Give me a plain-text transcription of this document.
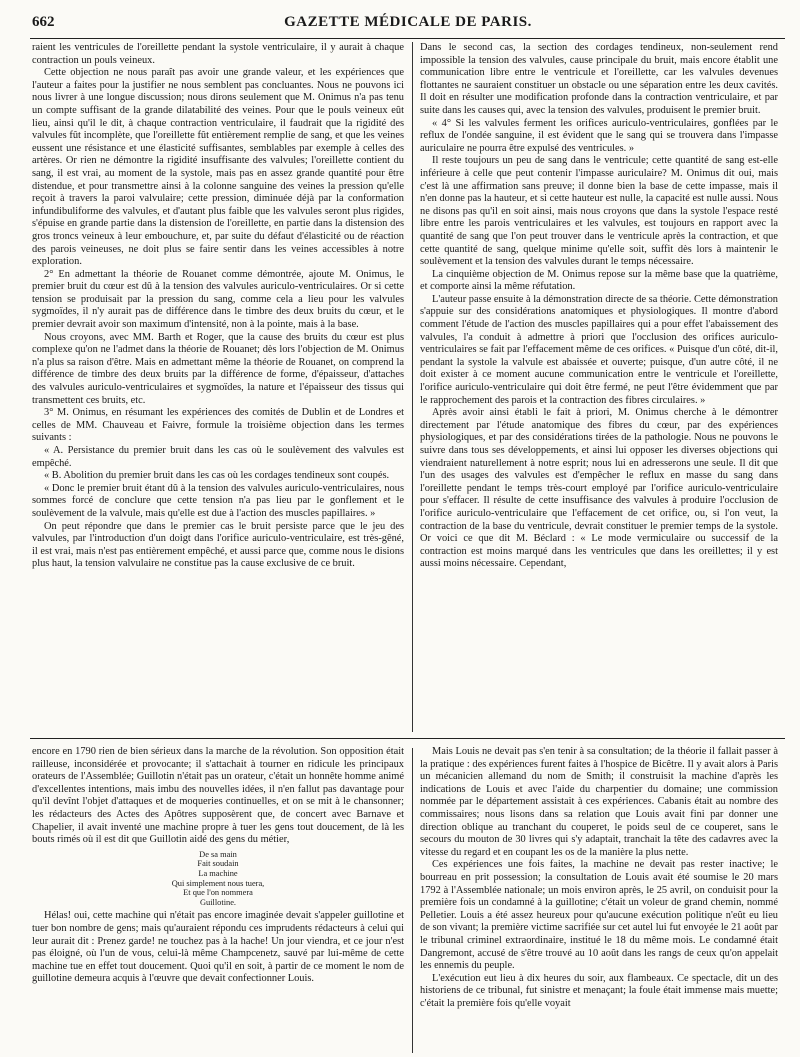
662	GAZETTE MÉDICALE DE PARIS.

raient les ventricules de l'oreillette pendant la systole ventriculaire, il y aurait à chaque contraction un pouls veineux.

Cette objection ne nous paraît pas avoir une grande valeur, et les expériences que l'auteur a faites pour la justifier ne nous semblent pas concluantes. Nous ne pouvons ici nous livrer à une longue discussion; nous dirons seulement que M. Onimus n'a pas tenu un compte suffisant de la grande dilatabilité des veines. Pour que le pouls veineux eût lieu, ainsi qu'il le dit, à chaque contraction ventriculaire, il faudrait que la rigidité des valvules fût incomplète, que l'oreillette fût entièrement remplie de sang, et que les veines eussent une résistance et une élasticité suffisantes, semblables par exemple à celles des artères. Or rien ne démontre la rigidité insuffisante des valvules; l'oreillette contient du sang, il est vrai, au moment de la systole, mais pas en assez grande quantité pour être distendue, et pour transmettre ainsi à la colonne sanguine des veines la pression qu'elle reçoit à travers la paroi valvulaire; cette pression, diminuée déjà par la conformation infundibuliforme des valvules, et d'autant plus faible que les valvules seront plus rigides, s'épuise en grande partie dans la distension de l'oreillette, en partie dans la distension des gros troncs veineux à leur embouchure, et, par suite du défaut d'élasticité ou de réaction des parois veineuses, ne doit plus se faire sentir dans les veines accessibles à notre exploration.

2° En admettant la théorie de Rouanet comme démontrée, ajoute M. Onimus, le premier bruit du cœur est dû à la tension des valvules auriculo-ventriculaires. Or si cette tension se produisait par la pression du sang, comme cela a lieu pour les valvules sygmoïdes, il n'y aurait pas de différence dans le timbre des deux bruits du cœur, et le premier devrait avoir son maximum d'intensité, non à la pointe, mais à la base.

Nous croyons, avec MM. Barth et Roger, que la cause des bruits du cœur est plus complexe qu'on ne l'admet dans la théorie de Rouanet; dès lors l'objection de M. Onimus n'a plus sa raison d'être. Mais en admettant même la théorie de Rouanet, on comprend la différence de timbre des deux bruits par la différence de forme, d'épaisseur, d'attaches des valvules auriculo-ventriculaires et sygmoïdes, la nature et l'épaisseur des tissus qui transmettent ces bruits, etc.

3° M. Onimus, en résumant les expériences des comités de Dublin et de Londres et celles de MM. Chauveau et Faivre, formule la troisième objection dans les termes suivants :

« A. Persistance du premier bruit dans les cas où le soulèvement des valvules est empêché.

« B. Abolition du premier bruit dans les cas où les cordages tendineux sont coupés.

« Donc le premier bruit étant dû à la tension des valvules auriculo-ventriculaires, nous sommes forcé de conclure que cette tension n'a pas lieu par le gonflement et le soulèvement de la valvule, mais qu'elle est due à l'action des muscles papillaires. »

On peut répondre que dans le premier cas le bruit persiste parce que le jeu des valvules, par l'introduction d'un doigt dans l'orifice auriculo-ventriculaire, est très-gêné, il est vrai, mais n'est pas entièrement empêché, et aussi parce que, comme nous le disions plus haut, la tension valvulaire ne constitue pas la cause exclusive de ce bruit.

Dans le second cas, la section des cordages tendineux, non-seulement rend impossible la tension des valvules, cause principale du bruit, mais encore établit une communication libre entre le ventricule et l'oreillette, car les valvules devenues flottantes ne sauraient constituer un obstacle ou une séparation entre les deux cavités. Il doit en résulter une modification profonde dans la contraction ventriculaire, et par suite dans les causes qui, avec la tension des valvules, produisent le premier bruit.

« 4° Si les valvules ferment les orifices auriculo-ventriculaires, gonflées par le reflux de l'ondée sanguine, il est évident que le sang qui se trouvera dans l'impasse auriculaire ne pourra être expulsé des ventricules. »

Il reste toujours un peu de sang dans le ventricule; cette quantité de sang est-elle inférieure à celle que peut contenir l'impasse auriculaire? M. Onimus dit oui, mais c'est là une affirmation sans preuve; il donne bien la base de cette impasse, mais il n'en donne pas la hauteur, et si cette hauteur est nulle, la capacité est nulle aussi. Nous ne disons pas qu'il en soit ainsi, mais nous croyons que dans la systole l'espace resté libre entre les parois ventriculaires et les valvules, est toujours en rapport avec la quantité de sang que l'on peut trouver dans le ventricule après la contraction, et que cette quantité de sang, quelque minime qu'elle soit, suffit dès lors à maintenir le soulèvement et la tension des valvules durant le temps nécessaire.

La cinquième objection de M. Onimus repose sur la même base que la quatrième, et comporte ainsi la même réfutation.

L'auteur passe ensuite à la démonstration directe de sa théorie. Cette démonstration s'appuie sur des considérations anatomiques et physiologiques. Il montre d'abord comment l'étude de l'action des muscles papillaires qui a pour effet l'abaissement des valvules, l'a conduit à admettre à priori que l'occlusion des orifices auriculo-ventriculaires se fait par l'effacement même de ces orifices. « Puisque d'un côté, dit-il, pendant la systole la valvule est abaissée et ouverte; puisque, d'un autre côté, il ne doit exister à ce moment aucune communication entre le ventricule et l'oreillette, l'orifice auriculo-ventriculaire qui doit être fermé, ne peut l'être évidemment que par le rapprochement des parois et la contraction des fibres circulaires. »

Après avoir ainsi établi le fait à priori, M. Onimus cherche à le démontrer directement par l'étude anatomique des fibres du cœur, par des expériences physiologiques, et par des considérations tirées de la pathologie. Nous ne pouvons le suivre dans tous ses développements, et ainsi lui opposer les diverses objections qui viendraient naturellement à notre esprit; nous lui en adresserons une seule. Il dit que l'un des usages des valvules est d'empêcher le reflux en masse du sang dans l'oreillette pendant le temps très-court employé par l'orifice auriculo-ventriculaire pour s'effacer. Il résulte de cette insuffisance des valvules à produire l'occlusion de l'orifice auriculo-ventriculaire que l'effacement de cet orifice, ou, si l'on veut, la contraction de la base du ventricule, devrait constituer le premier temps de la systole. Or voici ce que dit M. Béclard : « Le mode vermiculaire ou successif de la contraction est moins marqué dans les ventricules que dans les oreillettes; il y est aussi moins nécessaire. Cependant,

encore en 1790 rien de bien sérieux dans la marche de la révolution. Son opposition était railleuse, inconsidérée et provocante; il s'attachait à tourner en ridicule les principaux orateurs de l'Assemblée; Guillotin n'était pas un orateur, c'était un honnête homme animé d'excellentes intentions, mais imbu des nouvelles idées, il n'en fallut pas davantage pour qu'il devînt l'objet d'attaques et de moqueries continuelles, et on se mit à le chansonner; les rédacteurs des Actes des Apôtres supposèrent que, de concert avec Barnave et Chapelier, il avait inventé une machine propre à tuer les gens tout doucement, de là les bouts rimés où il est dit que Guillotin aidé des gens du métier,

De sa main
Fait soudain
La machine
Qui simplement nous tuera,
Et que l'on nommera
Guillotine.

Hélas! oui, cette machine qui n'était pas encore imaginée devait s'appeler guillotine et tuer bon nombre de gens; mais qu'auraient répondu ces imprudents rédacteurs à celui qui leur aurait dit : Prenez garde! ne touchez pas à la hache! Un jour viendra, et ce jour n'est pas éloigné, où l'un de vous, celui-là même Champcenetz, sauvé par lui-même de cette machine tue en effet tout doucement. Quoi qu'il en soit, à partir de ce moment le nom de guillotine demeura acquis à l'œuvre que devait confectionner Louis.

Mais Louis ne devait pas s'en tenir à sa consultation; de la théorie il fallait passer à la pratique : des expériences furent faites à l'hospice de Bicêtre. Il y avait alors à Paris un mécanicien allemand du nom de Smith; il construisit la machine d'après les indications de Louis et avec l'aide du charpentier du domaine; une commission nommée par le département assistait à ces expériences. Cabanis était au nombre des commissaires; nous lisons dans sa relation que Louis avait fini par donner une direction oblique au tranchant du couperet, le poids seul de ce couperet, sans le secours du mouton de 30 livres qui s'y adaptait, tranchait la tête des cadavres avec la vitesse du regard et en coupant les os de la manière la plus nette.

Ces expériences une fois faites, la machine ne devait pas rester inactive; le bourreau en prit possession; la consultation de Louis avait été soumise le 20 mars 1792 à l'Assemblée nationale; un mois environ après, le 25 avril, on conduisit pour la première fois un condamné à la guillotine; c'était un voleur de grand chemin, nommé Pelletier. Louis a été assez heureux pour qu'aucune exécution politique n'eût eu lieu de son vivant; la première victime sacrifiée sur cet autel lui fut envoyée le 21 août par le tribunal criminel extraordinaire, institué le 18 du même mois. Le condamné était Dangremont, accusé de s'être trouvé au 10 août dans les rangs de ceux qu'on appelait les ennemis du peuple.

L'exécution eut lieu à dix heures du soir, aux flambeaux. Ce spectacle, dit un des historiens de ce tribunal, fut sinistre et menaçant; la foule était immense mais muette; c'était la première fois qu'elle voyait
